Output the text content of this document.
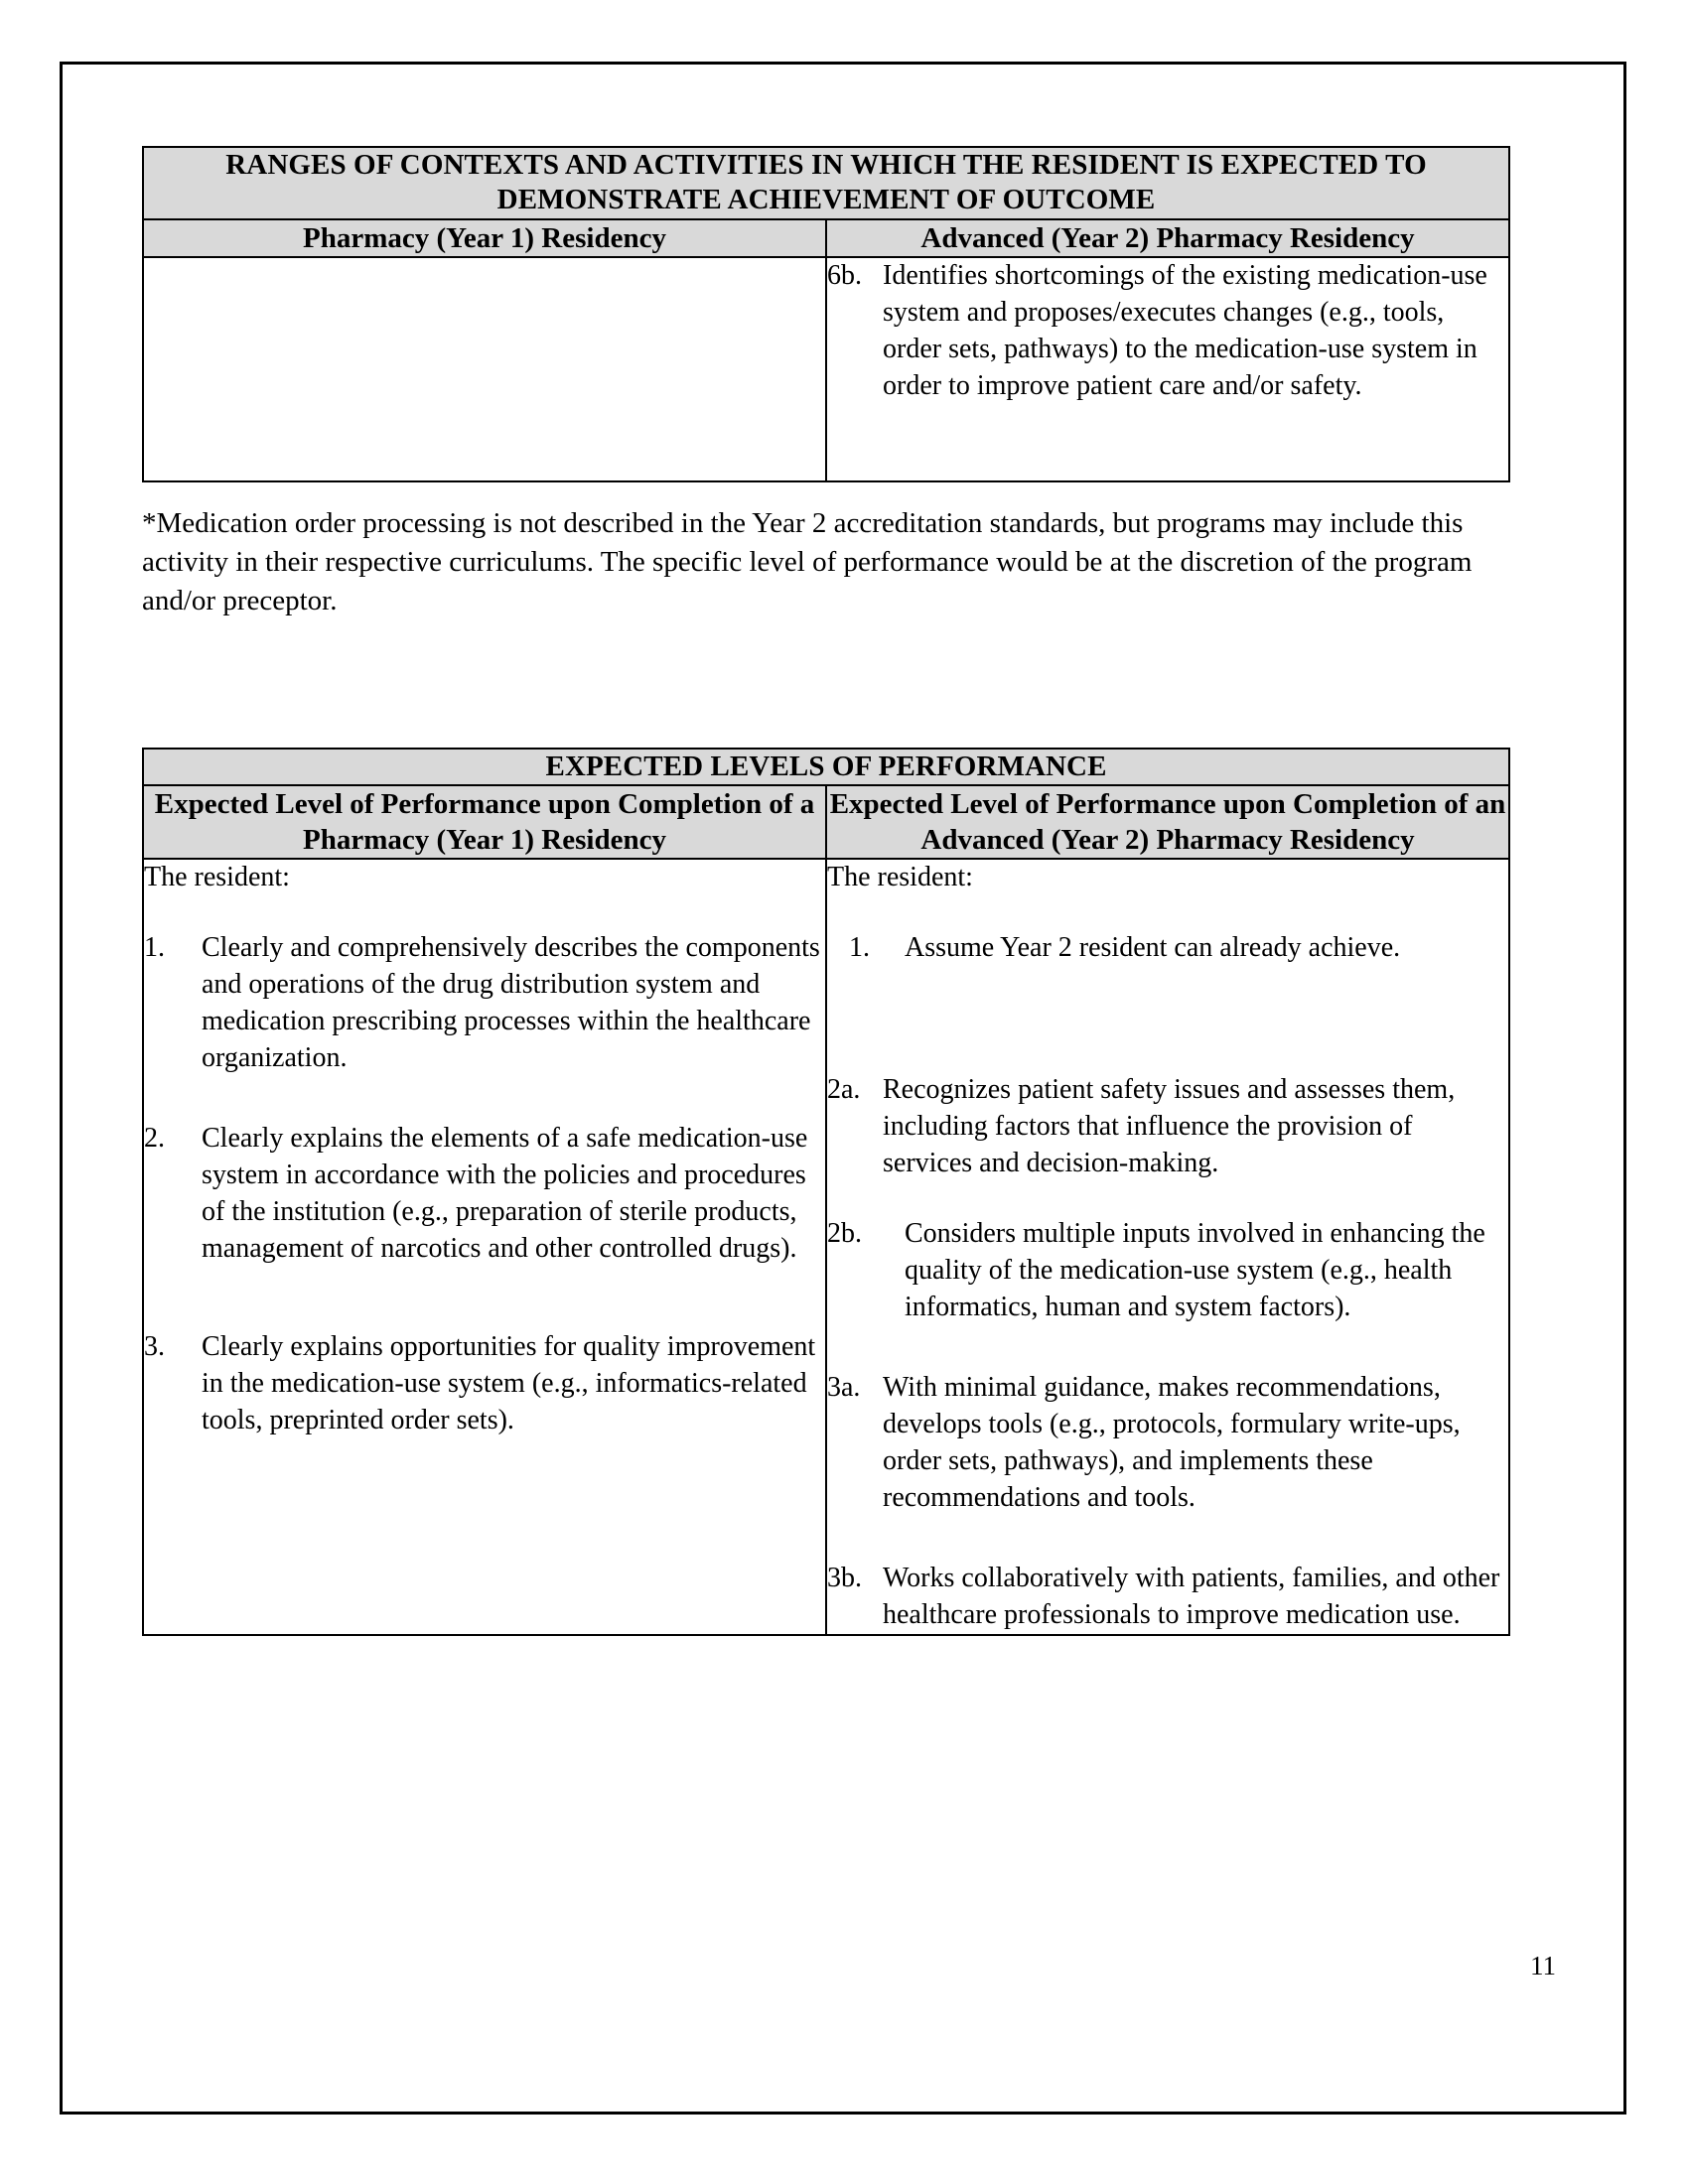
RANGES OF CONTEXTS AND ACTIVITIES IN WHICH THE RESIDENT IS EXPECTED TO DEMONSTRATE ACHIEVEMENT OF OUTCOME	
Pharmacy (Year 1) Residency	Advanced (Year 2) Pharmacy Residency

	6b. Identifies shortcomings of the existing medication-use system and proposes/executes changes (e.g., tools, order sets, pathways) to the medication-use system in order to improve patient care and/or safety.

*Medication order processing is not described in the Year 2 accreditation standards, but programs may include this activity in their respective curriculums. The specific level of performance would be at the discretion of the program and/or preceptor.

EXPECTED LEVELS OF PERFORMANCE	
Expected Level of Performance upon Completion of a Pharmacy (Year 1) Residency	Expected Level of Performance upon Completion of an Advanced (Year 2) Pharmacy Residency

The resident:
1.	Clearly and comprehensively describes the components and operations of the drug distribution system and medication prescribing processes within the healthcare organization.
2.	Clearly explains the elements of a safe medication-use system in accordance with the policies and procedures of the institution (e.g., preparation of sterile products, management of narcotics and other controlled drugs).
3.	Clearly explains opportunities for quality improvement in the medication-use system (e.g., informatics-related tools, preprinted order sets).

The resident:
1.	Assume Year 2 resident can already achieve.
2a. Recognizes patient safety issues and assesses them, including factors that influence the provision of services and decision-making.
2b.	Considers multiple inputs involved in enhancing the quality of the medication-use system (e.g., health informatics, human and system factors).
3a. With minimal guidance, makes recommendations, develops tools (e.g., protocols, formulary write-ups, order sets, pathways), and implements these recommendations and tools.
3b. Works collaboratively with patients, families, and other healthcare professionals to improve medication use.
11
